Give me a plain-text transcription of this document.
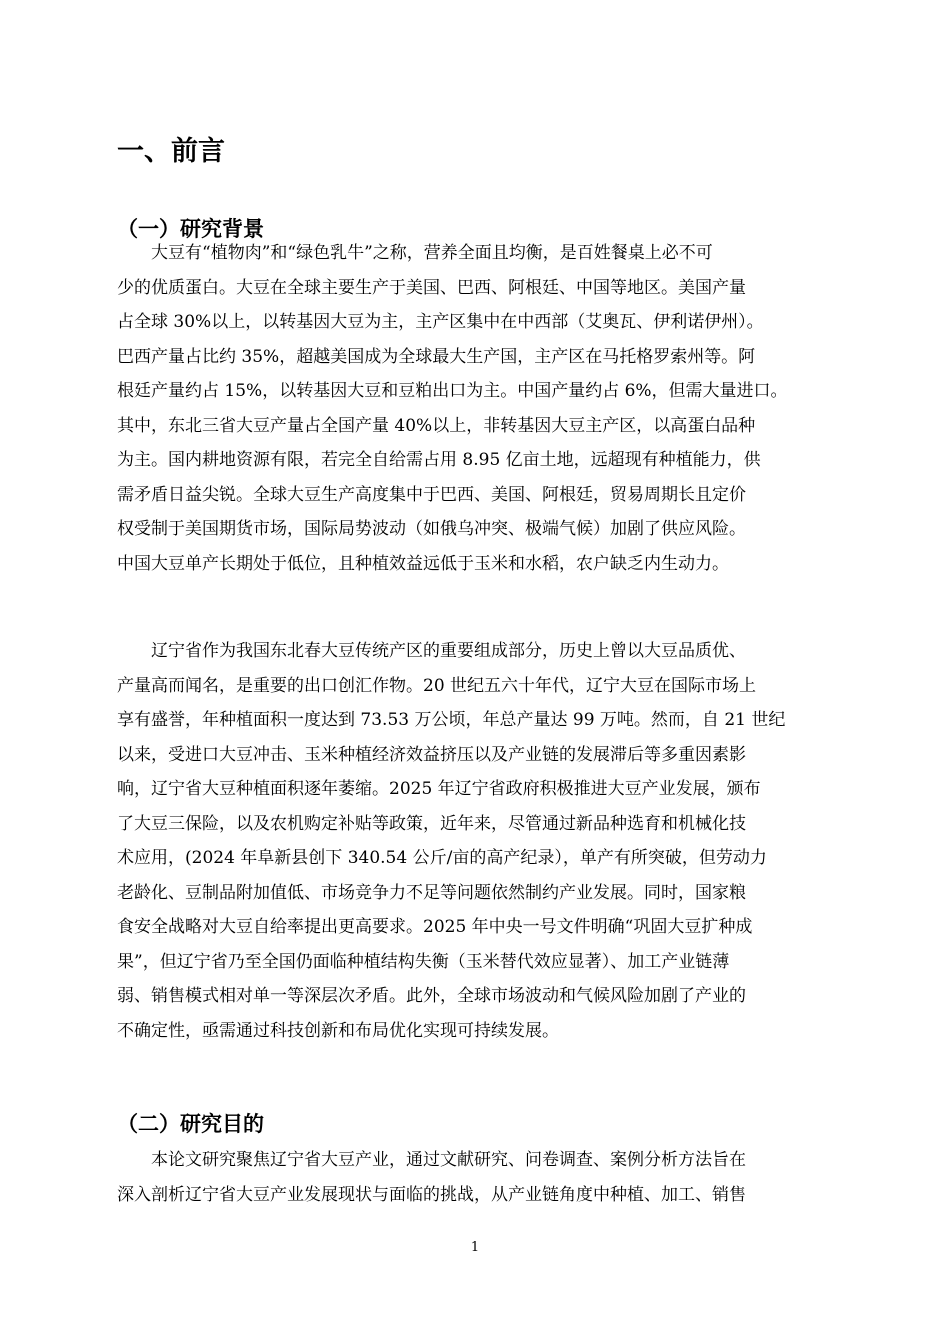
一、前言
（一）研究背景
大豆有“植物肉”和“绿色乳牛”之称，营养全面且均衡，是百姓餐桌上必不可
少的优质蛋白。大豆在全球主要生产于美国、巴西、阿根廷、中国等地区。美国产量
占全球 30%以上，以转基因大豆为主，主产区集中在中西部（艾奥瓦、伊利诺伊州）。
巴西产量占比约 35%，超越美国成为全球最大生产国，主产区在马托格罗索州等。阿
根廷产量约占 15%，以转基因大豆和豆粕出口为主。中国产量约占 6%，但需大量进口。
其中，东北三省大豆产量占全国产量 40%以上，非转基因大豆主产区，以高蛋白品种
为主。国内耕地资源有限，若完全自给需占用 8.95 亿亩土地，远超现有种植能力，供
需矛盾日益尖锐。全球大豆生产高度集中于巴西、美国、阿根廷，贸易周期长且定价
权受制于美国期货市场，国际局势波动（如俄乌冲突、极端气候）加剧了供应风险。
中国大豆单产长期处于低位，且种植效益远低于玉米和水稻，农户缺乏内生动力。
辽宁省作为我国东北春大豆传统产区的重要组成部分，历史上曾以大豆品质优、
产量高而闻名，是重要的出口创汇作物。20 世纪五六十年代，辽宁大豆在国际市场上
享有盛誉，年种植面积一度达到 73.53 万公顷，年总产量达 99 万吨。然而，自 21 世纪
以来，受进口大豆冲击、玉米种植经济效益挤压以及产业链的发展滞后等多重因素影
响，辽宁省大豆种植面积逐年萎缩。2025 年辽宁省政府积极推进大豆产业发展，颁布
了大豆三保险，以及农机购定补贴等政策，近年来，尽管通过新品种选育和机械化技
术应用，(2024 年阜新县创下 340.54 公斤/亩的高产纪录），单产有所突破，但劳动力
老龄化、豆制品附加值低、市场竞争力不足等问题依然制约产业发展。同时，国家粮
食安全战略对大豆自给率提出更高要求。2025 年中央一号文件明确“巩固大豆扩种成
果”，但辽宁省乃至全国仍面临种植结构失衡（玉米替代效应显著）、加工产业链薄
弱、销售模式相对单一等深层次矛盾。此外，全球市场波动和气候风险加剧了产业的
不确定性，亟需通过科技创新和布局优化实现可持续发展。
（二）研究目的
本论文研究聚焦辽宁省大豆产业，通过文献研究、问卷调查、案例分析方法旨在
深入剖析辽宁省大豆产业发展现状与面临的挑战，从产业链角度中种植、加工、销售
1
